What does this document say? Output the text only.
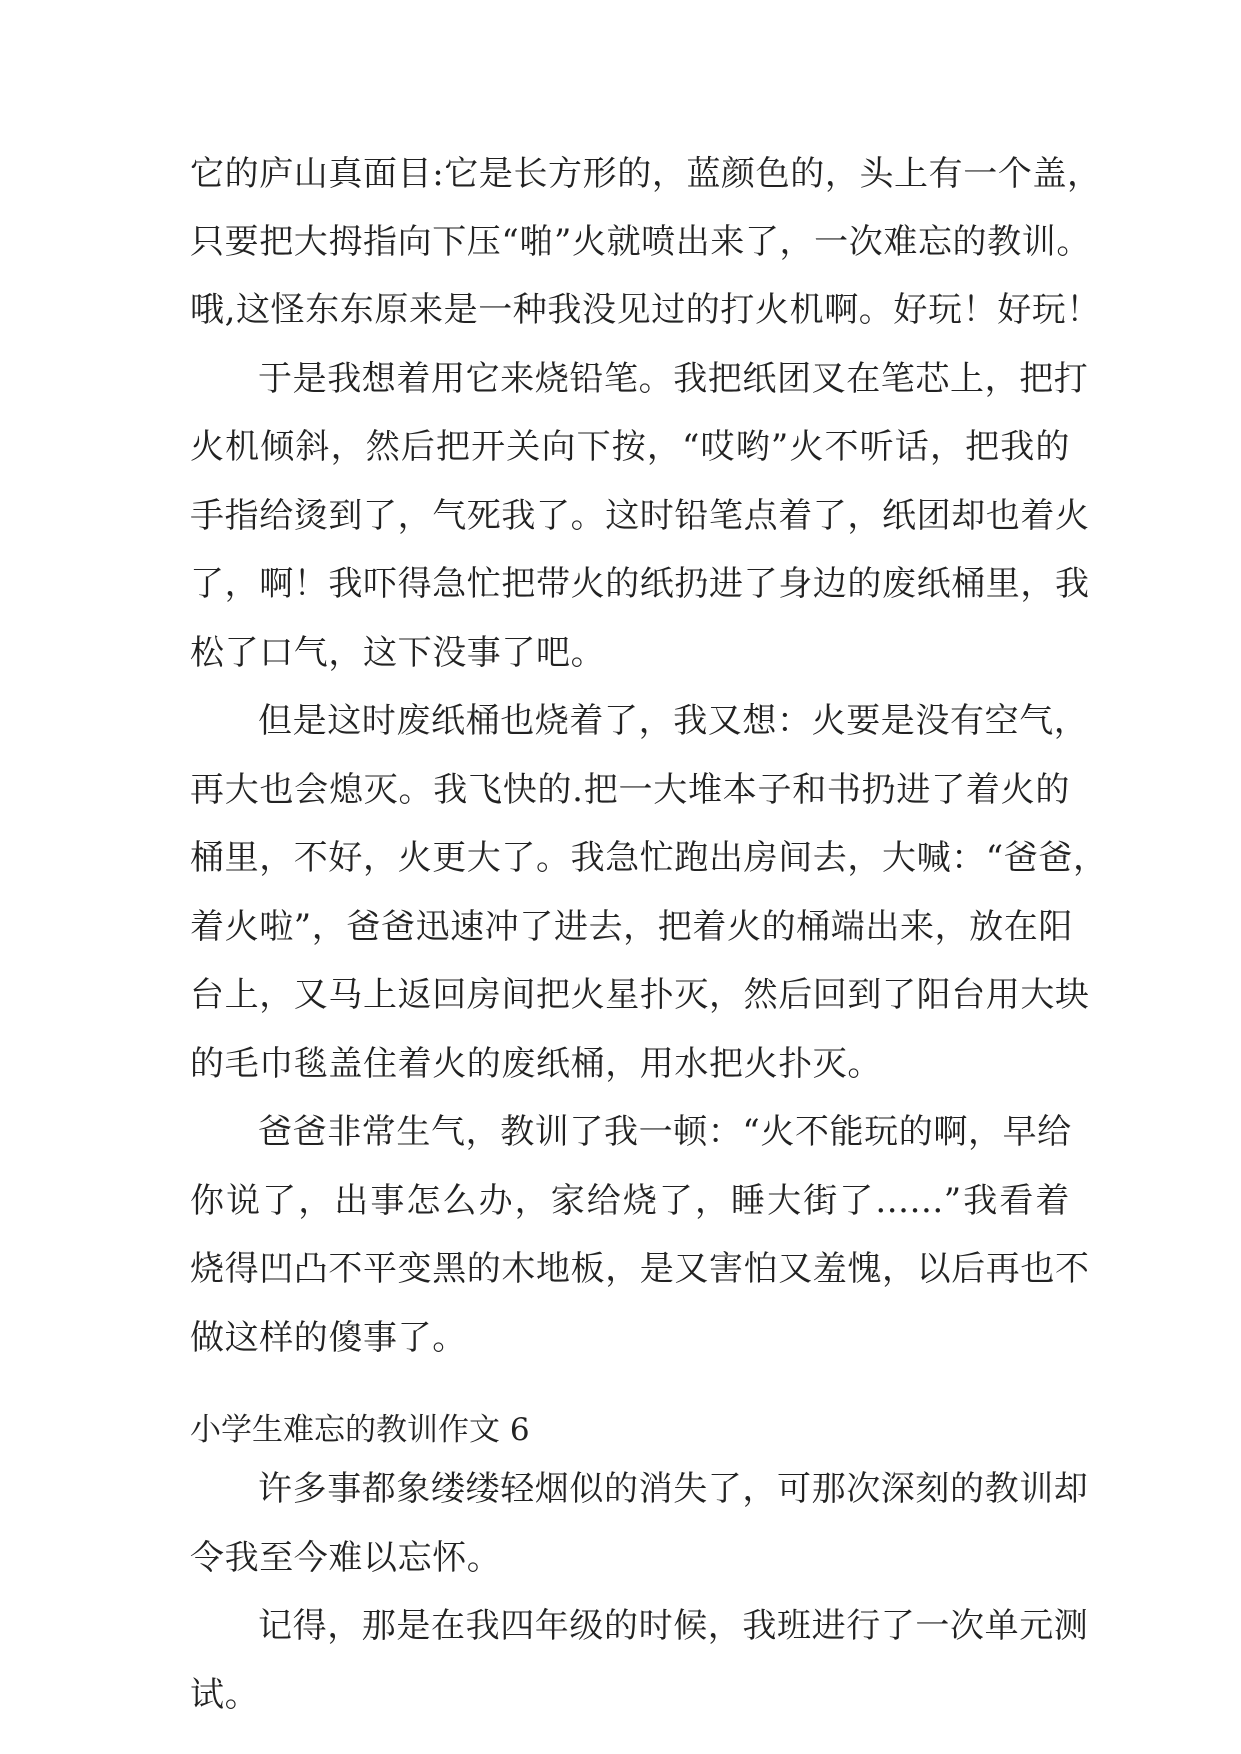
它的庐山真面目:它是长方形的，蓝颜色的，头上有一个盖，
只要把大拇指向下压“啪”火就喷出来了，一次难忘的教训。
哦,这怪东东原来是一种我没见过的打火机啊。好玩！好玩！
于是我想着用它来烧铅笔。我把纸团叉在笔芯上，把打
火机倾斜，然后把开关向下按，“哎哟”火不听话，把我的
手指给烫到了，气死我了。这时铅笔点着了，纸团却也着火
了，啊！我吓得急忙把带火的纸扔进了身边的废纸桶里，我
松了口气，这下没事了吧。
但是这时废纸桶也烧着了，我又想：火要是没有空气，
再大也会熄灭。我飞快的.把一大堆本子和书扔进了着火的
桶里，不好，火更大了。我急忙跑出房间去，大喊：“爸爸，
着火啦”，爸爸迅速冲了进去，把着火的桶端出来，放在阳
台上，又马上返回房间把火星扑灭，然后回到了阳台用大块
的毛巾毯盖住着火的废纸桶，用水把火扑灭。
爸爸非常生气，教训了我一顿：“火不能玩的啊，早给
你说了，出事怎么办，家给烧了，睡大街了......”我看着
烧得凹凸不平变黑的木地板，是又害怕又羞愧，以后再也不
做这样的傻事了。
小学生难忘的教训作文 6
许多事都象缕缕轻烟似的消失了，可那次深刻的教训却
令我至今难以忘怀。
记得，那是在我四年级的时候，我班进行了一次单元测
试。
